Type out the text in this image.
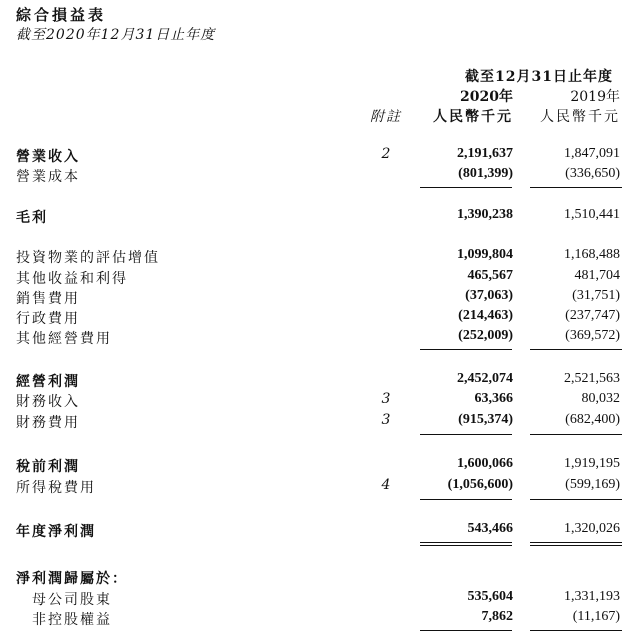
綜合損益表
截至2020年12月31日止年度
截至12月31日止年度
2020年	2019年
附註 人民幣千元 人民幣千元
營業收入	2	2,191,637	1,847,091
營業成本	(801,399)	(336,650)
毛利	1,390,238	1,510,441
投資物業的評估增值	1,099,804	1,168,488
其他收益和利得	465,567	481,704
銷售費用	(37,063)	(31,751)
行政費用	(214,463)	(237,747)
其他經營費用	(252,009)	(369,572)
經營利潤	2,452,074	2,521,563
財務收入	3	63,366	80,032
財務費用	3	(915,374)	(682,400)
稅前利潤	1,600,066	1,919,195
所得稅費用	4	(1,056,600)	(599,169)
年度淨利潤	543,466	1,320,026
淨利潤歸屬於：
母公司股東	535,604	1,331,193
非控股權益	7,862	(11,167)
